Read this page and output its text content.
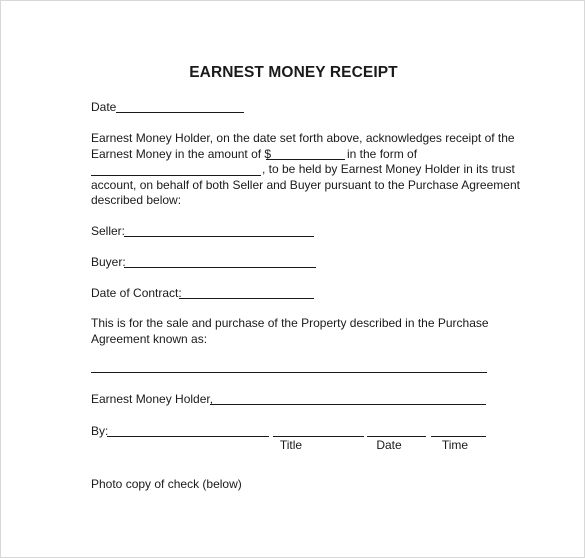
EARNEST MONEY RECEIPT
Date
Earnest Money Holder, on the date set forth above, acknowledges receipt of the
Earnest Money in the amount of $	in the form of
, to be held by Earnest Money Holder in its trust
account, on behalf of both Seller and Buyer pursuant to the Purchase Agreement
described below:
Seller:
Buyer:
Date of Contract:
This is for the sale and purchase of the Property described in the Purchase
Agreement known as:
Earnest Money Holder,
By:
Title	Date	Time
Photo copy of check (below)
